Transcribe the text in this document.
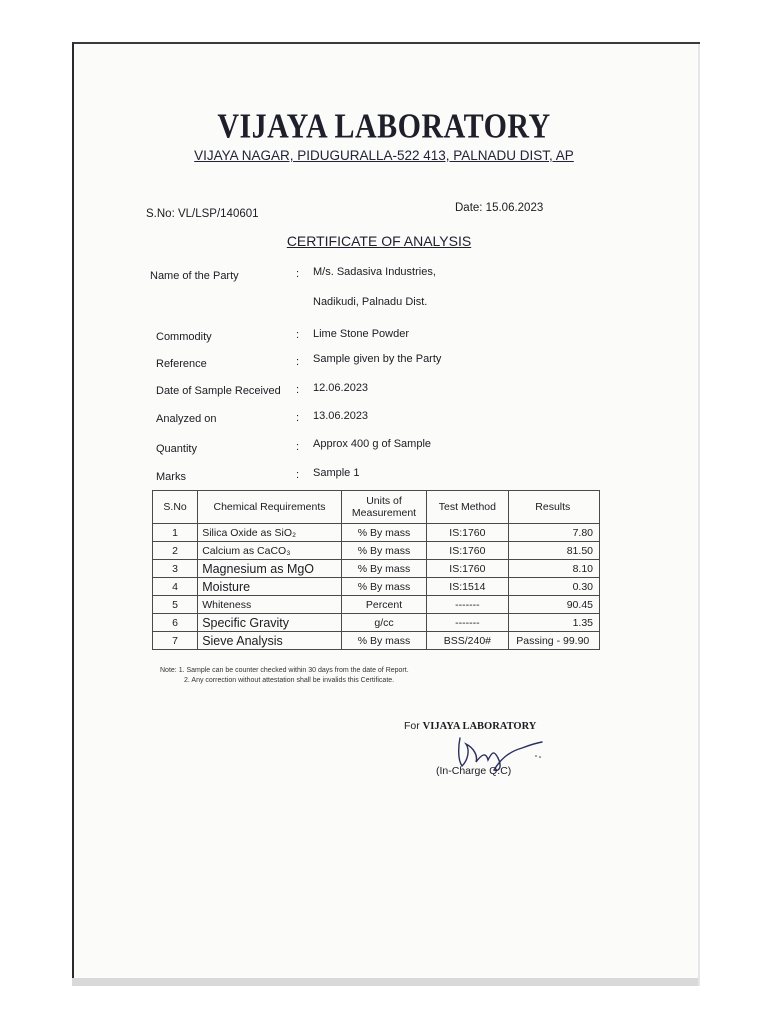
VIJAYA LABORATORY
VIJAYA NAGAR, PIDUGURALLA-522 413, PALNADU DIST, AP
S.No: VL/LSP/140601	Date: 15.06.2023
CERTIFICATE OF ANALYSIS
Name of the Party	: M/s. Sadasiva Industries,
Nadikudi, Palnadu Dist.
Commodity	: Lime Stone Powder
Reference	: Sample given by the Party
Date of Sample Received : 12.06.2023
Analyzed on	: 13.06.2023
Quantity	: Approx 400 g of Sample
Marks	: Sample 1
S.No	Chemical Requirements	Units of Measurement	Test Method	Results
1	Silica Oxide as SiO₂	% By mass	IS:1760	7.80
2	Calcium as CaCO₃	% By mass	IS:1760	81.50
3	Magnesium as MgO	% By mass	IS:1760	8.10
4	Moisture	% By mass	IS:1514	0.30
5	Whiteness	Percent	-------	90.45
6	Specific Gravity	g/cc	-------	1.35
7	Sieve Analysis	% By mass	BSS/240#	Passing - 99.90
Note: 1. Sample can be counter checked within 30 days from the date of Report.
2. Any correction without attestation shall be invalids this Certificate.
For VIJAYA LABORATORY
(In-Charge Q.C)
